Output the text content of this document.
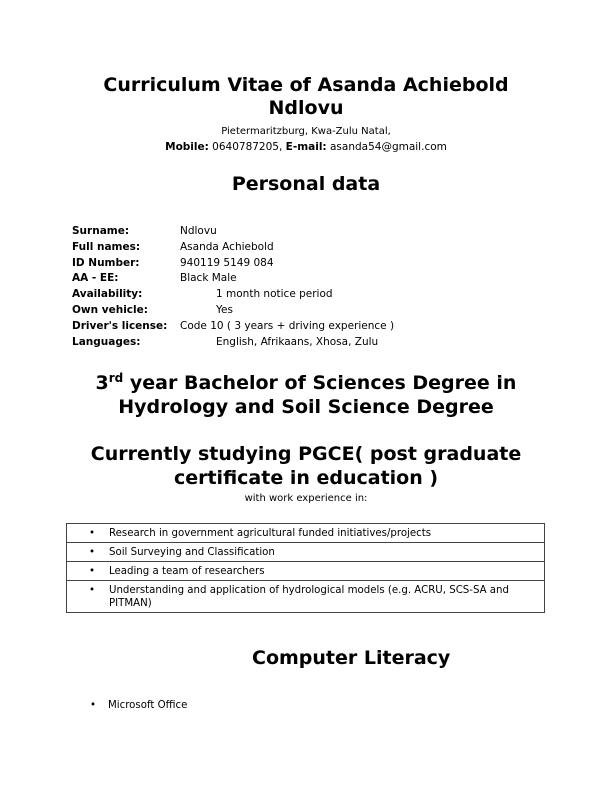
Curriculum Vitae of Asanda Achiebold Ndlovu
Pietermaritzburg, Kwa-Zulu Natal,
Mobile: 0640787205, E-mail: asanda54@gmail.com
Personal data
Surname:	Ndlovu
Full names:	Asanda Achiebold
ID Number:	940119 5149 084
AA - EE:	Black Male
Availability:	1 month notice period
Own vehicle:	Yes
Driver's license: Code 10 ( 3 years + driving experience )
Languages:	English, Afrikaans, Xhosa, Zulu
3rd year Bachelor of Sciences Degree in
Hydrology and Soil Science Degree
Currently studying PGCE( post graduate
certificate in education )
with work experience in:
•	Research in government agricultural funded initiatives/projects

•	Soil Surveying and Classification

•	Leading a team of researchers

•	Understanding and application of hydrological models (e.g. ACRU, SCS-SA and PITMAN)
Computer Literacy
• Microsoft Office
